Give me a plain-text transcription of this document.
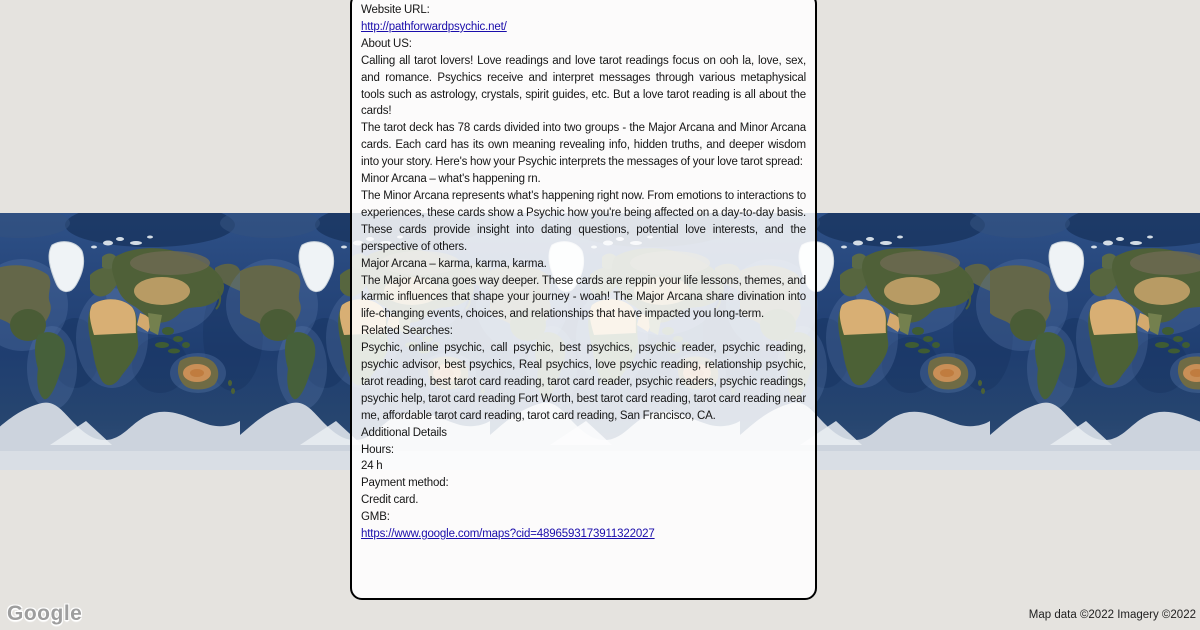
Website URL:
http://pathforwardpsychic.net/
About US:
Calling all tarot lovers! Love readings and love tarot readings focus on ooh la, love, sex, and romance. Psychics receive and interpret messages through various metaphysical tools such as astrology, crystals, spirit guides, etc. But a love tarot reading is all about the cards!
The tarot deck has 78 cards divided into two groups - the Major Arcana and Minor Arcana cards. Each card has its own meaning revealing info, hidden truths, and deeper wisdom into your story. Here's how your Psychic interprets the messages of your love tarot spread:
Minor Arcana – what's happening rn.
The Minor Arcana represents what's happening right now. From emotions to interactions to experiences, these cards show a Psychic how you're being affected on a day-to-day basis. These cards provide insight into dating questions, potential love interests, and the perspective of others.
Major Arcana – karma, karma, karma.
The Major Arcana goes way deeper. These cards are reppin your life lessons, themes, and karmic influences that shape your journey - woah! The Major Arcana share divination into life-changing events, choices, and relationships that have impacted you long-term.
Related Searches:
Psychic, online psychic, call psychic, best psychics, psychic reader, psychic reading, psychic advisor, best psychics, Real psychics, love psychic reading, relationship psychic, tarot reading, best tarot card reading, tarot card reader, psychic readers, psychic readings, psychic help, tarot card reading Fort Worth, best tarot card reading, tarot card reading near me, affordable tarot card reading, tarot card reading, San Francisco, CA.
Additional Details
Hours:
24 h
Payment method:
Credit card.
GMB:
https://www.google.com/maps?cid=4896593173911322027
Google	Map data ©2022 Imagery ©2022
